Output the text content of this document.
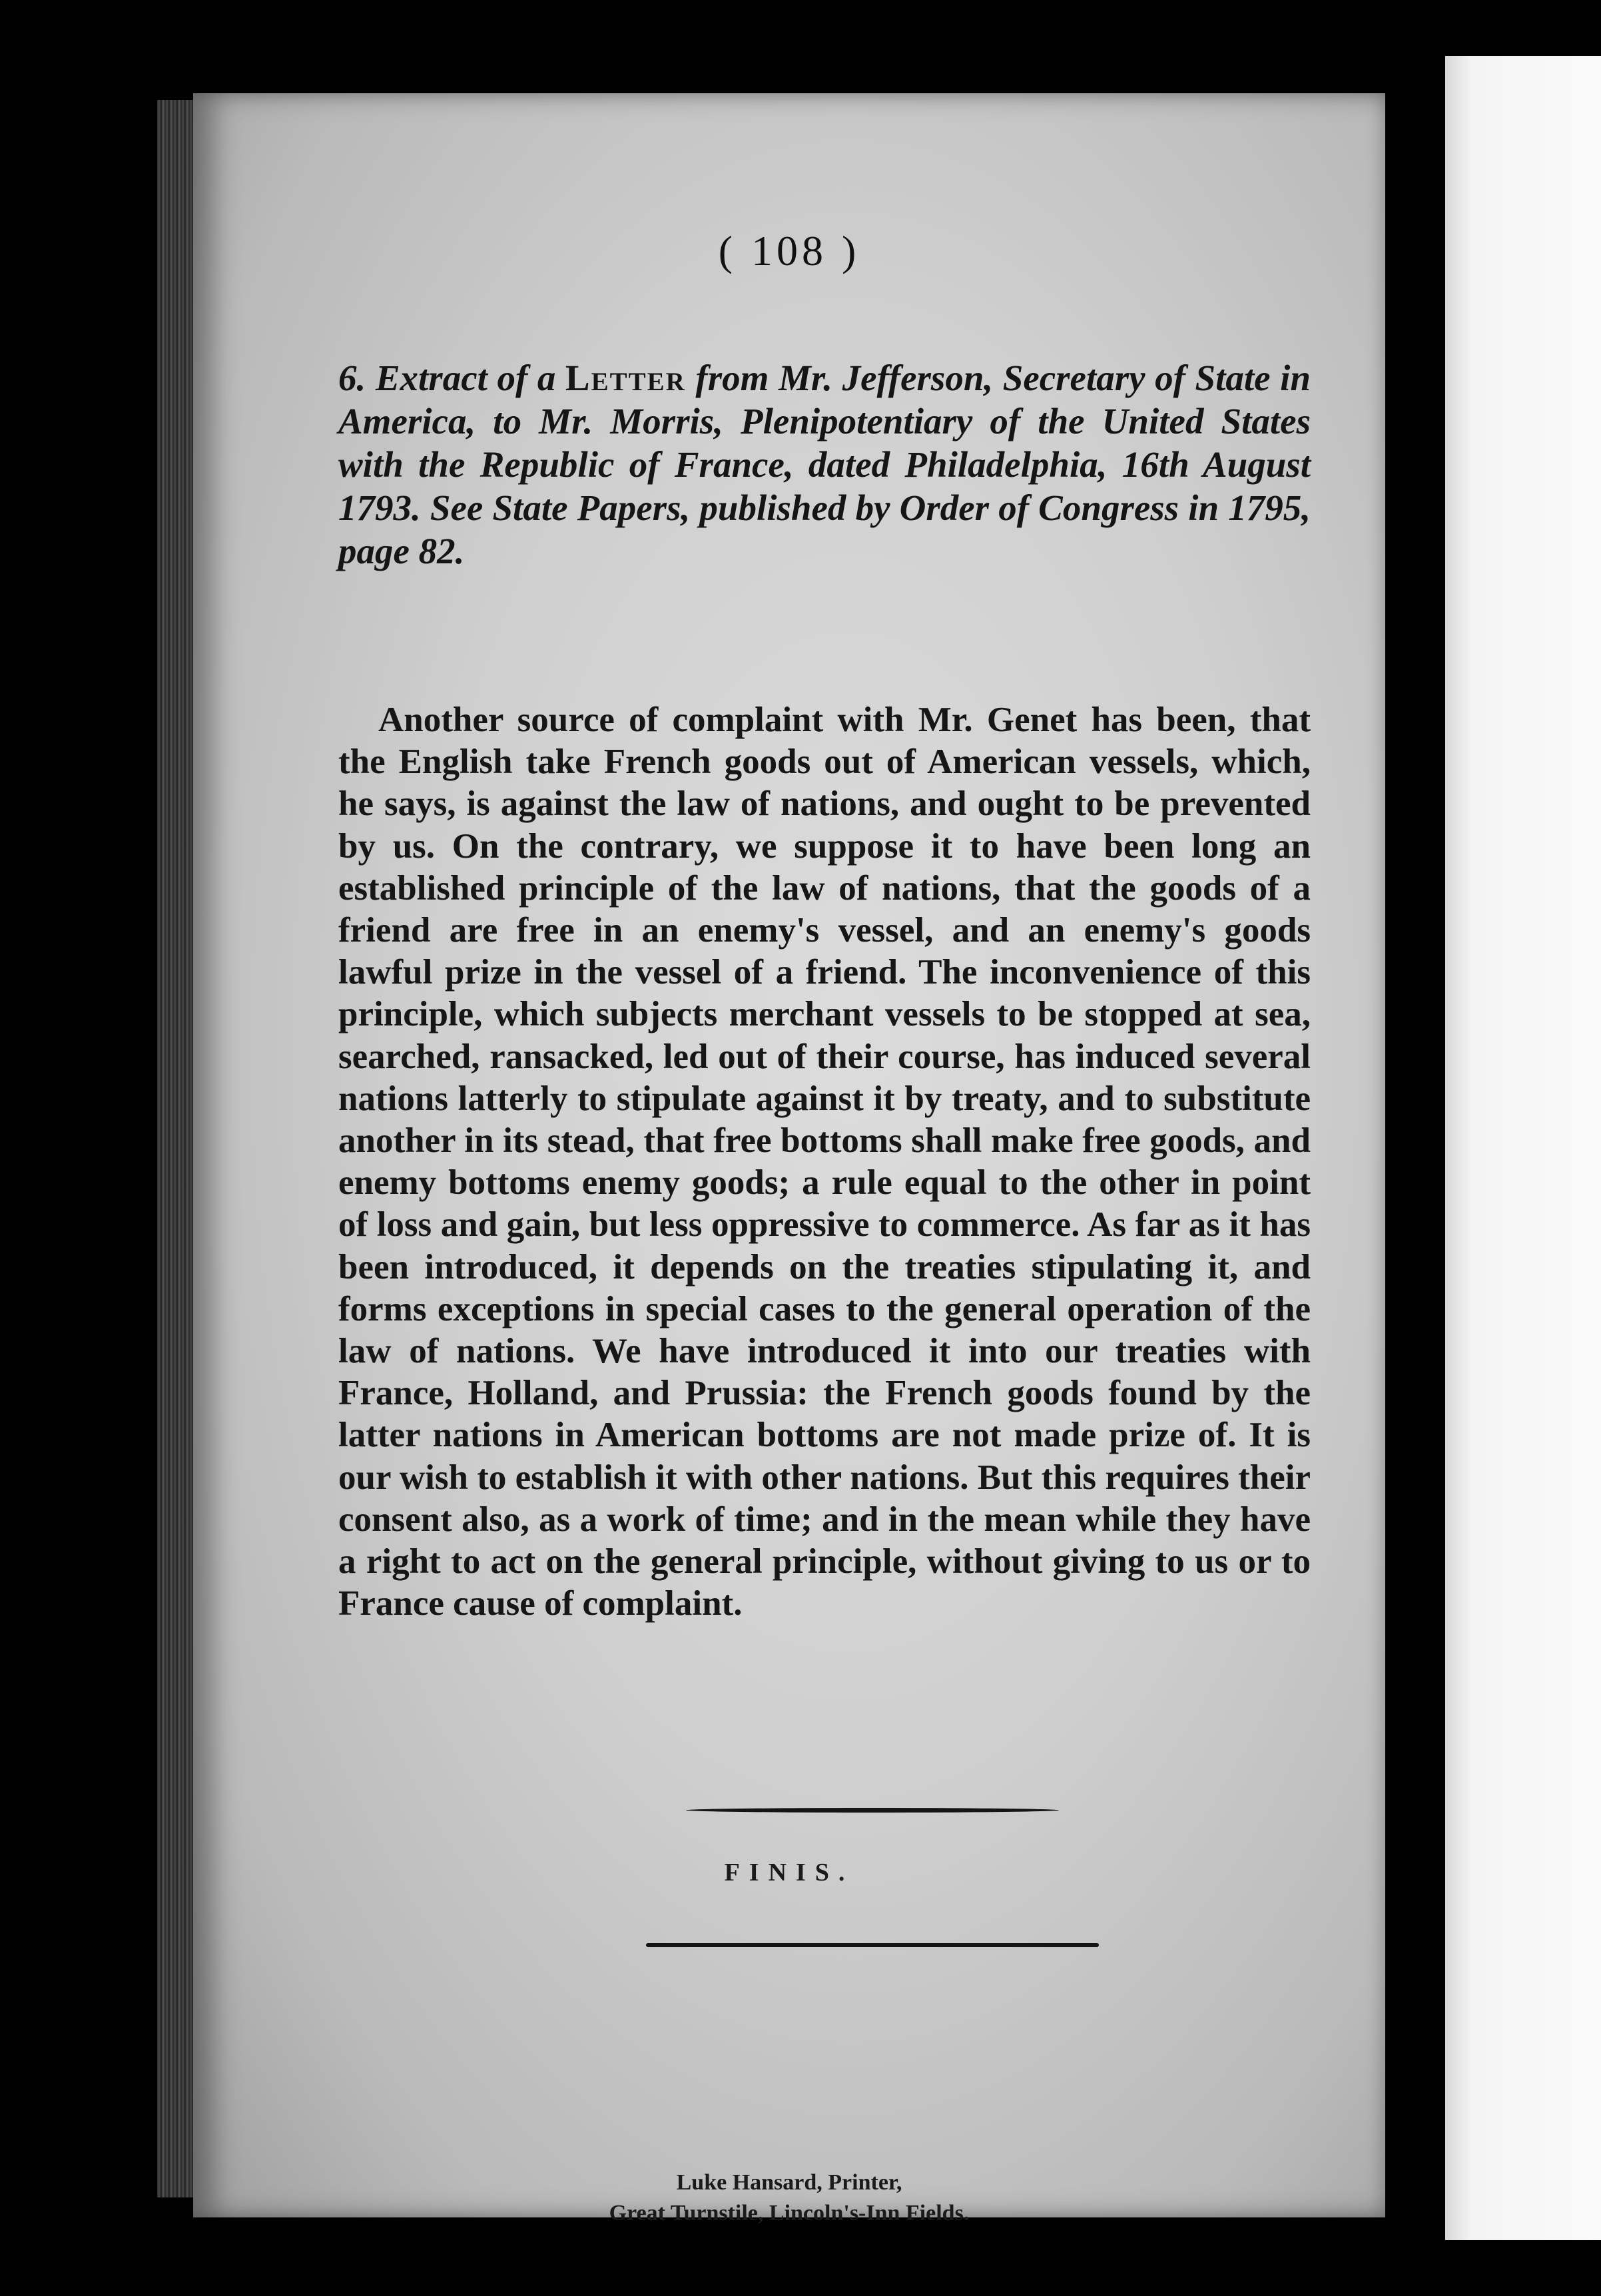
( 108 )
6. Extract of a Letter from Mr. Jefferson, Secretary of State in America, to Mr. Morris, Plenipotentiary of the United States with the Republic of France, dated Philadelphia, 16th August 1793. See State Papers, published by Order of Congress in 1795, page 82.
Another source of complaint with Mr. Genet has been, that the English take French goods out of American vessels, which, he says, is against the law of nations, and ought to be prevented by us. On the contrary, we suppose it to have been long an established principle of the law of nations, that the goods of a friend are free in an enemy's vessel, and an enemy's goods lawful prize in the vessel of a friend. The inconvenience of this principle, which subjects merchant vessels to be stopped at sea, searched, ransacked, led out of their course, has induced several nations latterly to stipulate against it by treaty, and to substitute another in its stead, that free bottoms shall make free goods, and enemy bottoms enemy goods; a rule equal to the other in point of loss and gain, but less oppressive to commerce. As far as it has been introduced, it depends on the treaties stipulating it, and forms exceptions in special cases to the general operation of the law of nations. We have introduced it into our treaties with France, Holland, and Prussia: the French goods found by the latter nations in American bottoms are not made prize of. It is our wish to establish it with other nations. But this requires their consent also, as a work of time; and in the mean while they have a right to act on the general principle, without giving to us or to France cause of complaint.
FINIS.
Luke Hansard, Printer,
Great Turnstile, Lincoln's-Inn Fields.
